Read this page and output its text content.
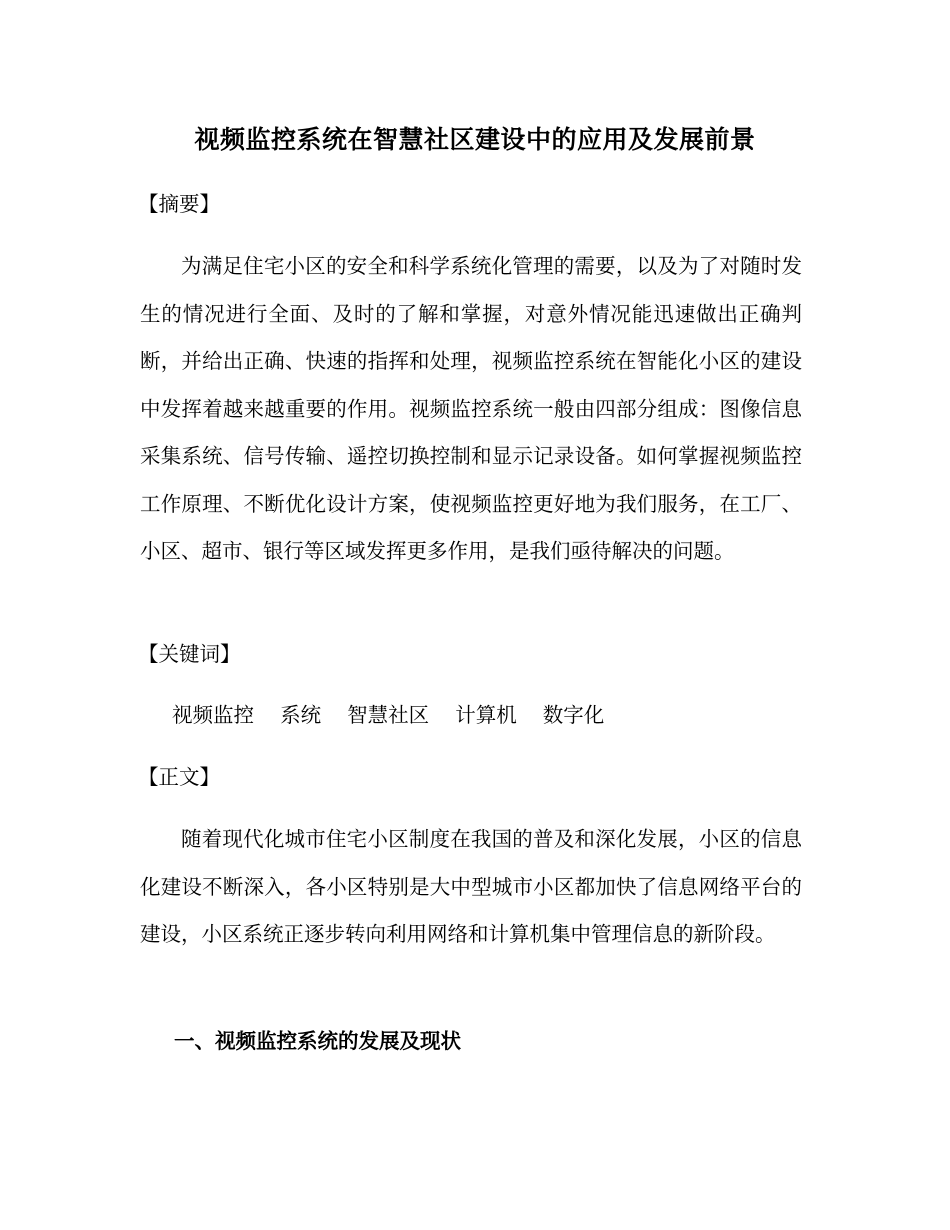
视频监控系统在智慧社区建设中的应用及发展前景
【摘要】

为满足住宅小区的安全和科学系统化管理的需要，以及为了对随时发生的情况进行全面、及时的了解和掌握，对意外情况能迅速做出正确判断，并给出正确、快速的指挥和处理，视频监控系统在智能化小区的建设中发挥着越来越重要的作用。视频监控系统一般由四部分组成：图像信息采集系统、信号传输、遥控切换控制和显示记录设备。如何掌握视频监控工作原理、不断优化设计方案，使视频监控更好地为我们服务，在工厂、小区、超市、银行等区域发挥更多作用，是我们亟待解决的问题。

【关键词】
视频监控    系统    智慧社区    计算机    数字化
【正文】

随着现代化城市住宅小区制度在我国的普及和深化发展，小区的信息化建设不断深入，各小区特别是大中型城市小区都加快了信息网络平台的建设，小区系统正逐步转向利用网络和计算机集中管理信息的新阶段。

一、视频监控系统的发展及现状
